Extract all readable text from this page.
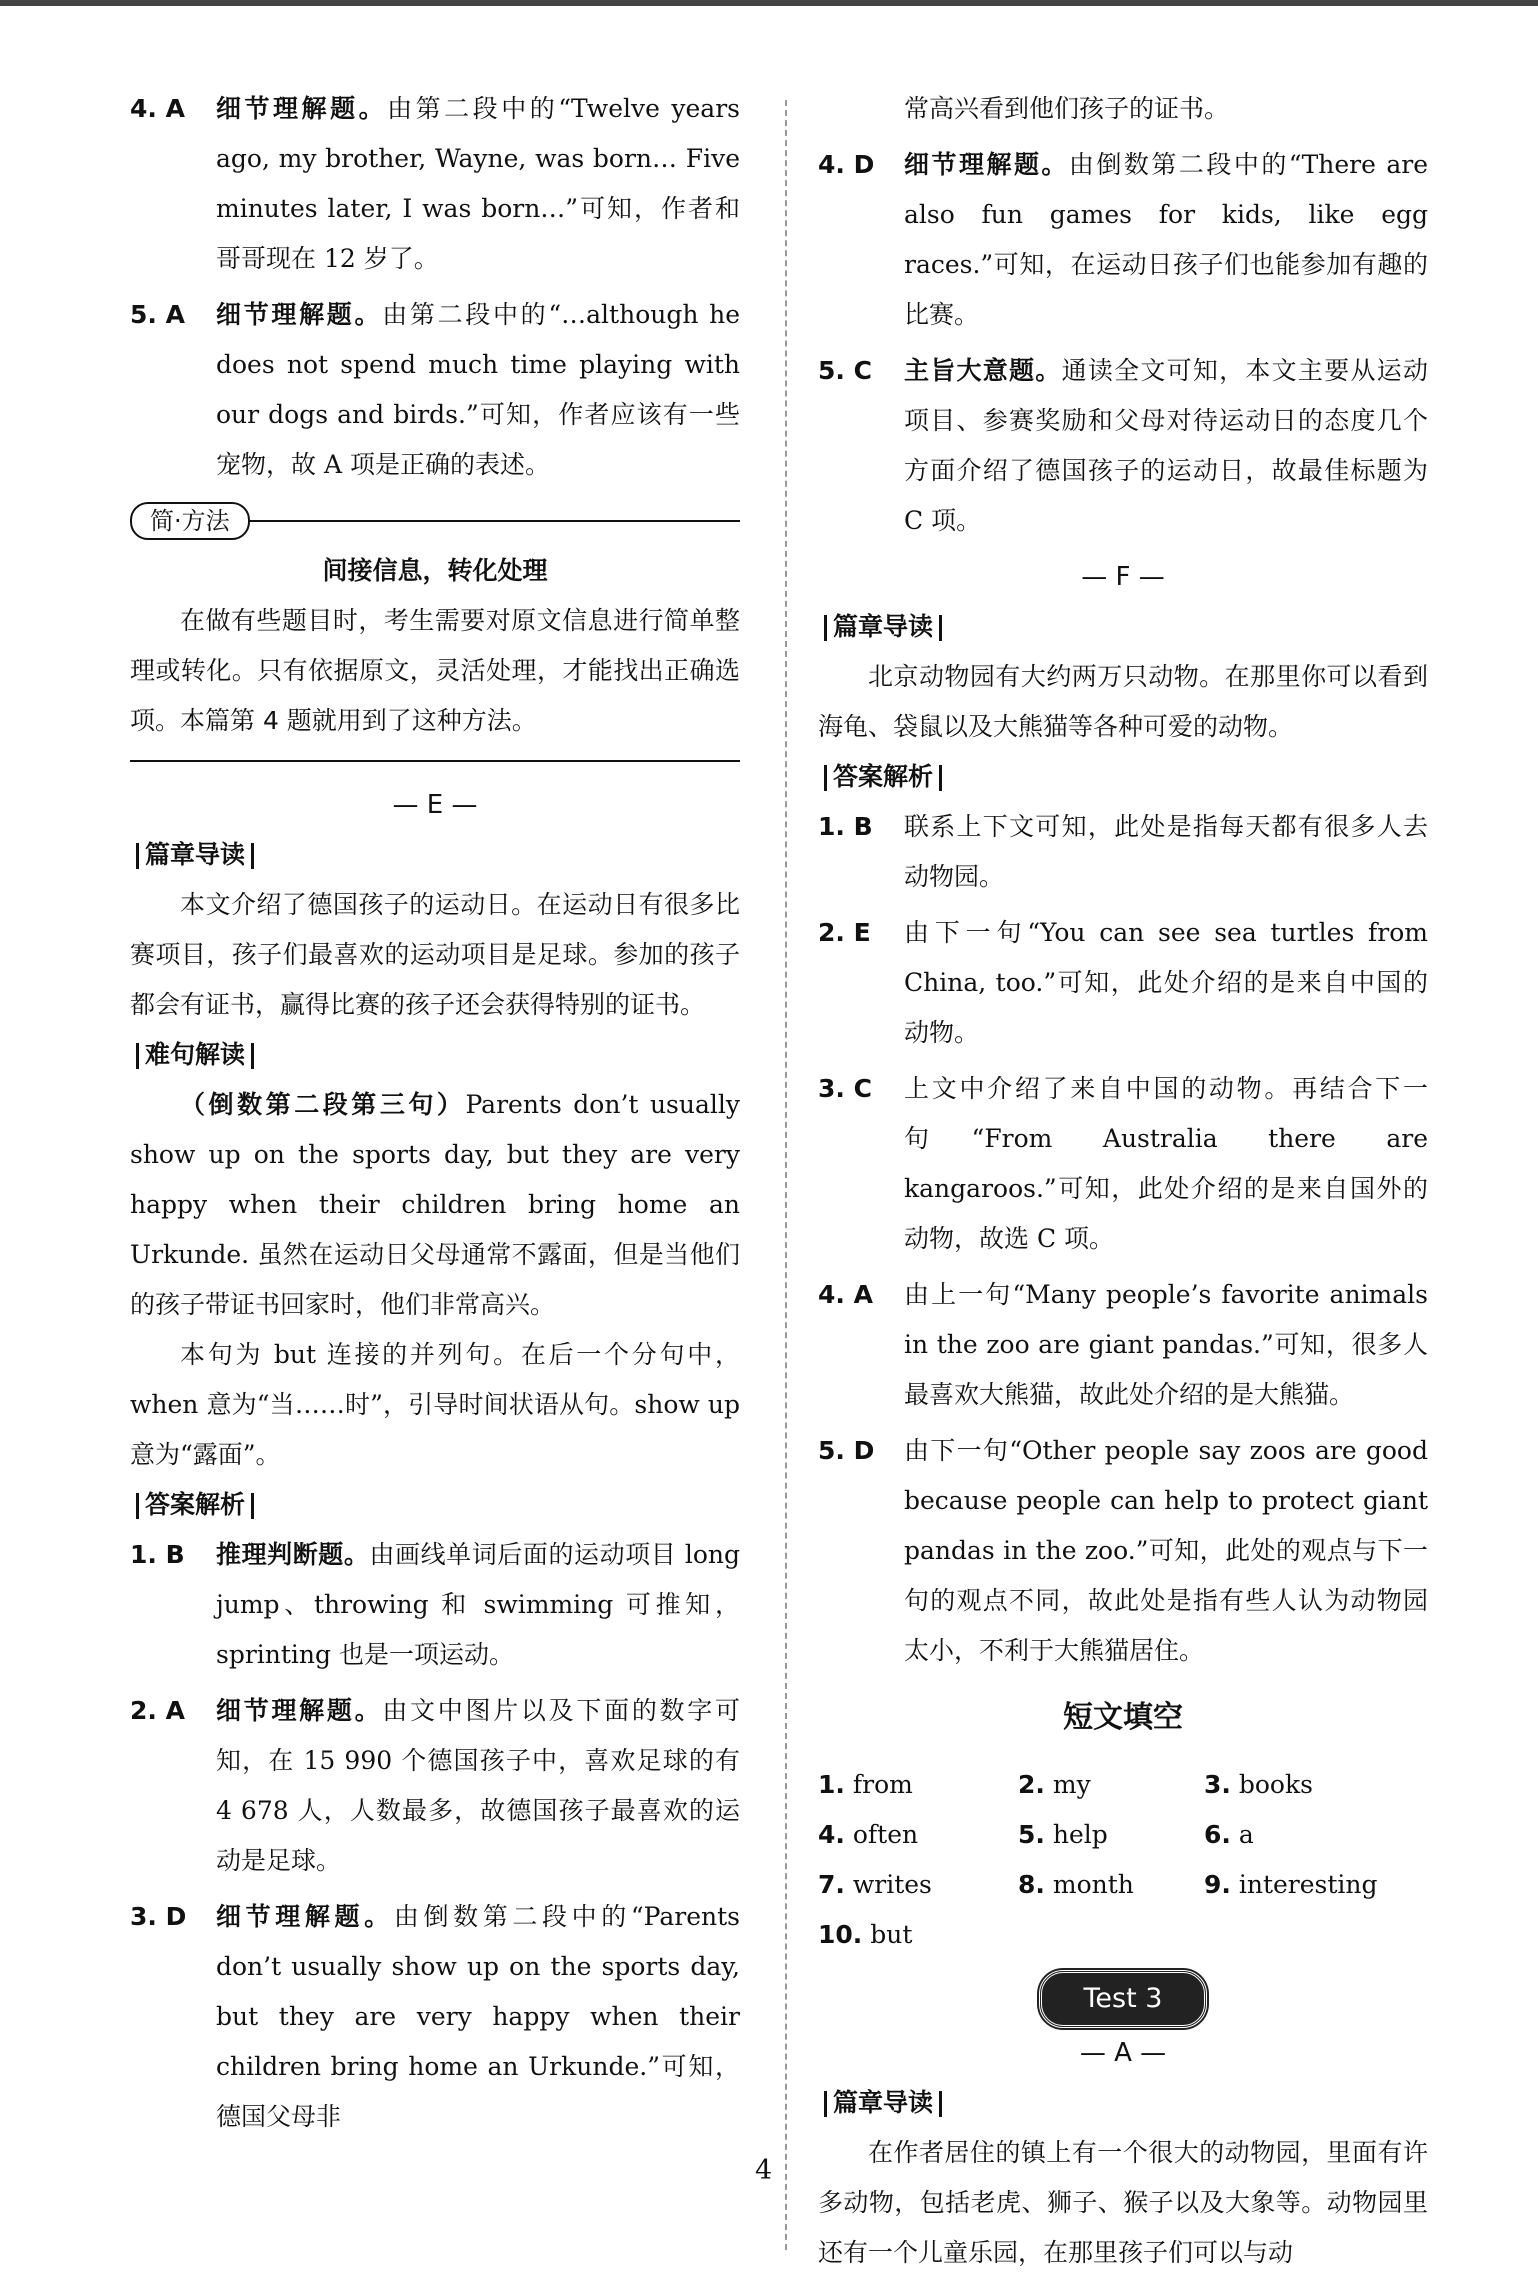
4. A	细节理解题。由第二段中的“Twelve years ago, my brother, Wayne, was born… Five minutes later, I was born…”可知，作者和哥哥现在 12 岁了。
5. A	细节理解题。由第二段中的“…although he does not spend much time playing with our dogs and birds.”可知，作者应该有一些宠物，故 A 项是正确的表述。
简·方法

间接信息，转化处理

在做有些题目时，考生需要对原文信息进行简单整理或转化。只有依据原文，灵活处理，才能找出正确选项。本篇第 4 题就用到了这种方法。

— E —

篇章导读

本文介绍了德国孩子的运动日。在运动日有很多比赛项目，孩子们最喜欢的运动项目是足球。参加的孩子都会有证书，赢得比赛的孩子还会获得特别的证书。

难句解读

（倒数第二段第三句）Parents don’t usually show up on the sports day, but they are very happy when their children bring home an Urkunde. 虽然在运动日父母通常不露面，但是当他们的孩子带证书回家时，他们非常高兴。

本句为 but 连接的并列句。在后一个分句中，when 意为“当……时”，引导时间状语从句。show up 意为“露面”。

答案解析

1. B	推理判断题。由画线单词后面的运动项目 long jump、throwing 和 swimming 可推知，sprinting 也是一项运动。
2. A	细节理解题。由文中图片以及下面的数字可知，在 15 990 个德国孩子中，喜欢足球的有 4 678 人，人数最多，故德国孩子最喜欢的运动是足球。
3. D	细节理解题。由倒数第二段中的“Parents don’t usually show up on the sports day, but they are very happy when their children bring home an Urkunde.”可知，德国父母非

常高兴看到他们孩子的证书。

4. D	细节理解题。由倒数第二段中的“There are also fun games for kids, like egg races.”可知，在运动日孩子们也能参加有趣的比赛。
5. C	主旨大意题。通读全文可知，本文主要从运动项目、参赛奖励和父母对待运动日的态度几个方面介绍了德国孩子的运动日，故最佳标题为 C 项。

— F —

篇章导读

北京动物园有大约两万只动物。在那里你可以看到海龟、袋鼠以及大熊猫等各种可爱的动物。

答案解析

1. B	联系上下文可知，此处是指每天都有很多人去动物园。
2. E	由下一句“You can see sea turtles from China, too.”可知，此处介绍的是来自中国的动物。
3. C	上文中介绍了来自中国的动物。再结合下一句“From Australia there are kangaroos.”可知，此处介绍的是来自国外的动物，故选 C 项。
4. A	由上一句“Many people’s favorite animals in the zoo are giant pandas.”可知，很多人最喜欢大熊猫，故此处介绍的是大熊猫。
5. D	由下一句“Other people say zoos are good because people can help to protect giant pandas in the zoo.”可知，此处的观点与下一句的观点不同，故此处是指有些人认为动物园太小，不利于大熊猫居住。

短文填空

1. from	2. my	3. books
4. often	5. help	6. a
7. writes	8. month	9. interesting
10. but
Test 3

— A —

篇章导读

在作者居住的镇上有一个很大的动物园，里面有许多动物，包括老虎、狮子、猴子以及大象等。动物园里还有一个儿童乐园，在那里孩子们可以与动

4
